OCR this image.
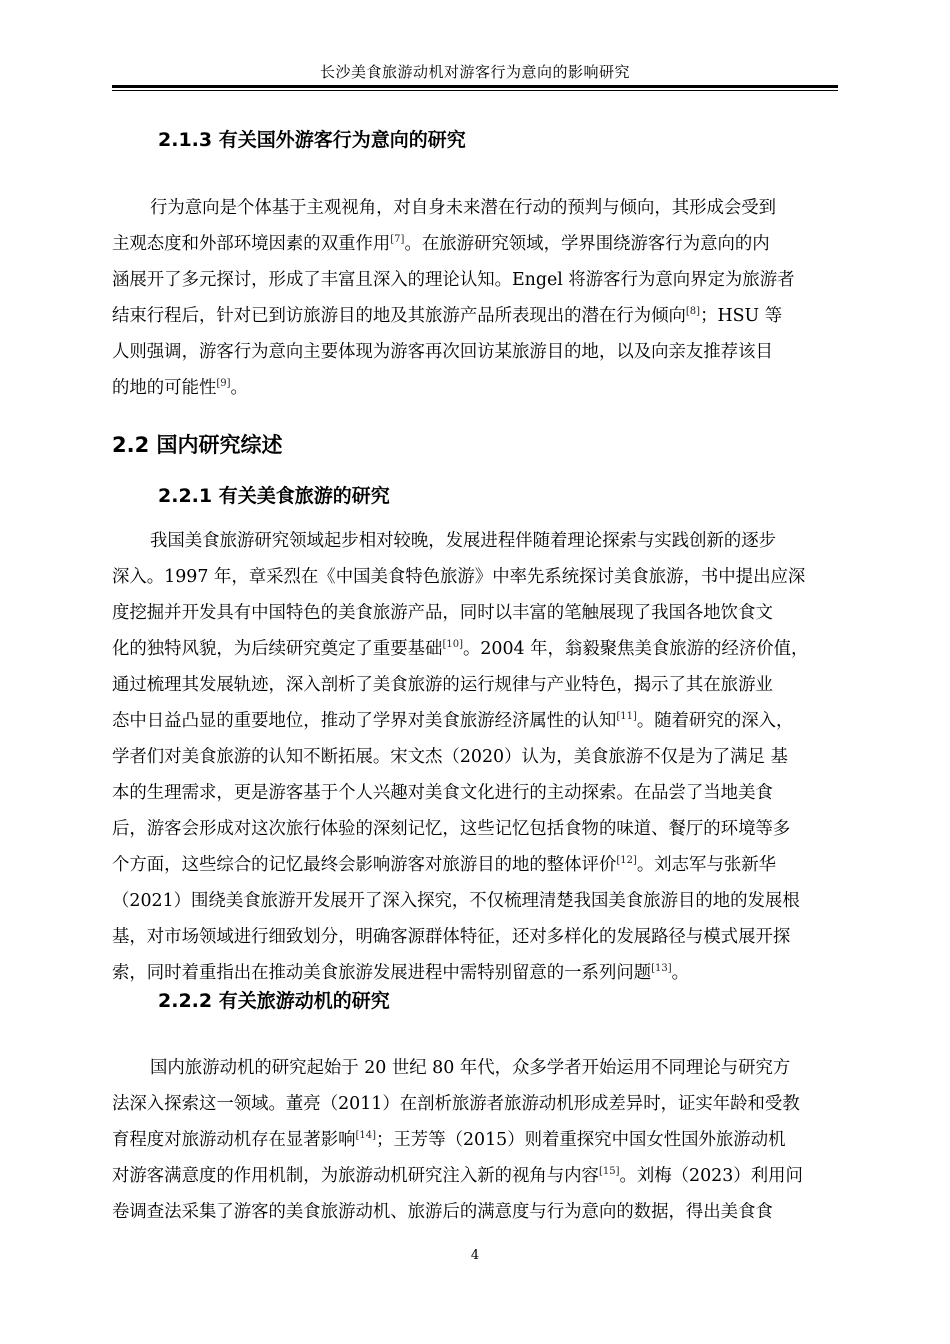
长沙美食旅游动机对游客行为意向的影响研究
2.1.3 有关国外游客行为意向的研究
行为意向是个体基于主观视角，对自身未来潜在行动的预判与倾向，其形成会受到
主观态度和外部环境因素的双重作用[7]。在旅游研究领域，学界围绕游客行为意向的内
涵展开了多元探讨，形成了丰富且深入的理论认知。Engel 将游客行为意向界定为旅游者
结束行程后，针对已到访旅游目的地及其旅游产品所表现出的潜在行为倾向[8]；HSU 等
人则强调，游客行为意向主要体现为游客再次回访某旅游目的地，以及向亲友推荐该目
的地的可能性[9]。
2.2 国内研究综述
2.2.1 有关美食旅游的研究
我国美食旅游研究领域起步相对较晚，发展进程伴随着理论探索与实践创新的逐步
深入。1997 年，章采烈在《中国美食特色旅游》中率先系统探讨美食旅游，书中提出应深
度挖掘并开发具有中国特色的美食旅游产品，同时以丰富的笔触展现了我国各地饮食文
化的独特风貌，为后续研究奠定了重要基础[10]。2004 年，翁毅聚焦美食旅游的经济价值，
通过梳理其发展轨迹，深入剖析了美食旅游的运行规律与产业特色，揭示了其在旅游业
态中日益凸显的重要地位，推动了学界对美食旅游经济属性的认知[11]。随着研究的深入，
学者们对美食旅游的认知不断拓展。宋文杰（2020）认为，美食旅游不仅是为了满足 基
本的生理需求，更是游客基于个人兴趣对美食文化进行的主动探索。在品尝了当地美食
后，游客会形成对这次旅行体验的深刻记忆，这些记忆包括食物的味道、餐厅的环境等多
个方面，这些综合的记忆最终会影响游客对旅游目的地的整体评价[12]。刘志军与张新华
（2021）围绕美食旅游开发展开了深入探究，不仅梳理清楚我国美食旅游目的地的发展根
基，对市场领域进行细致划分，明确客源群体特征，还对多样化的发展路径与模式展开探
索，同时着重指出在推动美食旅游发展进程中需特别留意的一系列问题[13]。
2.2.2 有关旅游动机的研究
国内旅游动机的研究起始于 20 世纪 80 年代，众多学者开始运用不同理论与研究方
法深入探索这一领域。董亮（2011）在剖析旅游者旅游动机形成差异时，证实年龄和受教
育程度对旅游动机存在显著影响[14]；王芳等（2015）则着重探究中国女性国外旅游动机
对游客满意度的作用机制，为旅游动机研究注入新的视角与内容[15]。刘梅（2023）利用问
卷调查法采集了游客的美食旅游动机、旅游后的满意度与行为意向的数据，得出美食食
4
